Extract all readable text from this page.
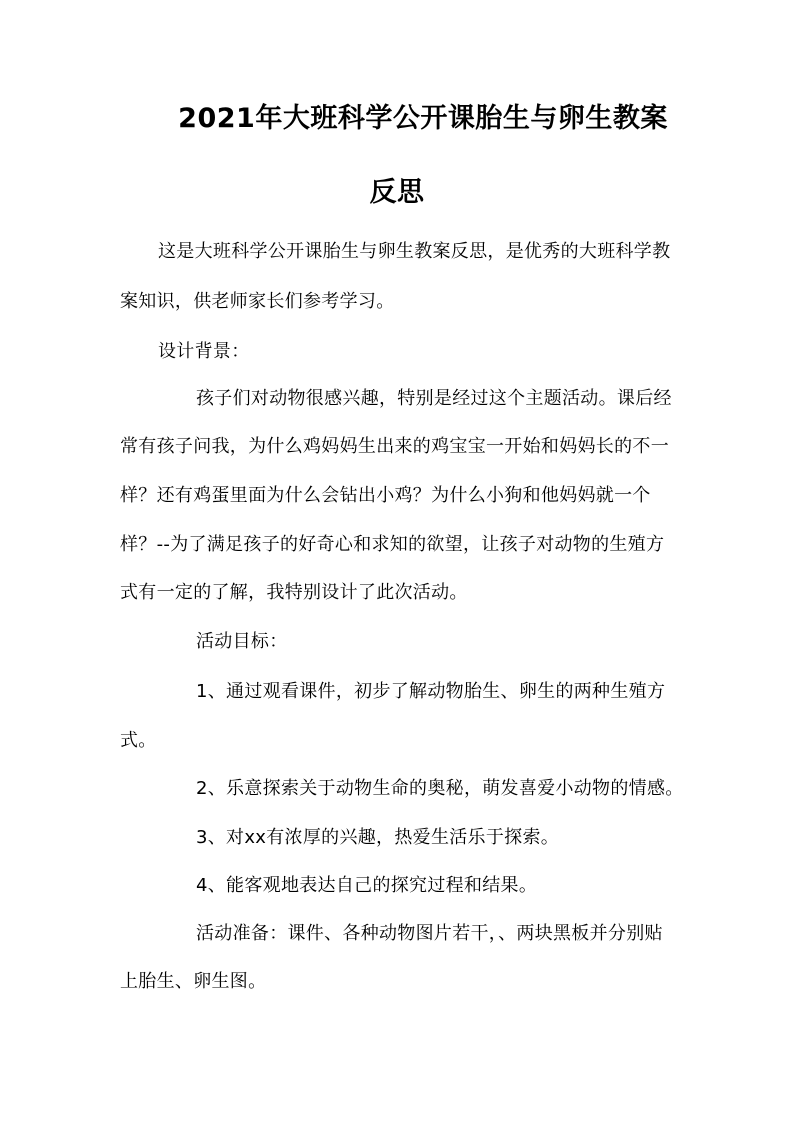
2021年大班科学公开课胎生与卵生教案
反思
这是大班科学公开课胎生与卵生教案反思，是优秀的大班科学教
案知识，供老师家长们参考学习。
设计背景：
孩子们对动物很感兴趣，特别是经过这个主题活动。课后经
常有孩子问我，为什么鸡妈妈生出来的鸡宝宝一开始和妈妈长的不一
样？还有鸡蛋里面为什么会钻出小鸡？为什么小狗和他妈妈就一个
样？--为了满足孩子的好奇心和求知的欲望，让孩子对动物的生殖方
式有一定的了解，我特别设计了此次活动。
活动目标：
1、通过观看课件，初步了解动物胎生、卵生的两种生殖方
式。
2、乐意探索关于动物生命的奥秘，萌发喜爱小动物的情感。
3、对xx有浓厚的兴趣，热爱生活乐于探索。
4、能客观地表达自己的探究过程和结果。
活动准备：课件、各种动物图片若干，、两块黑板并分别贴
上胎生、卵生图。
